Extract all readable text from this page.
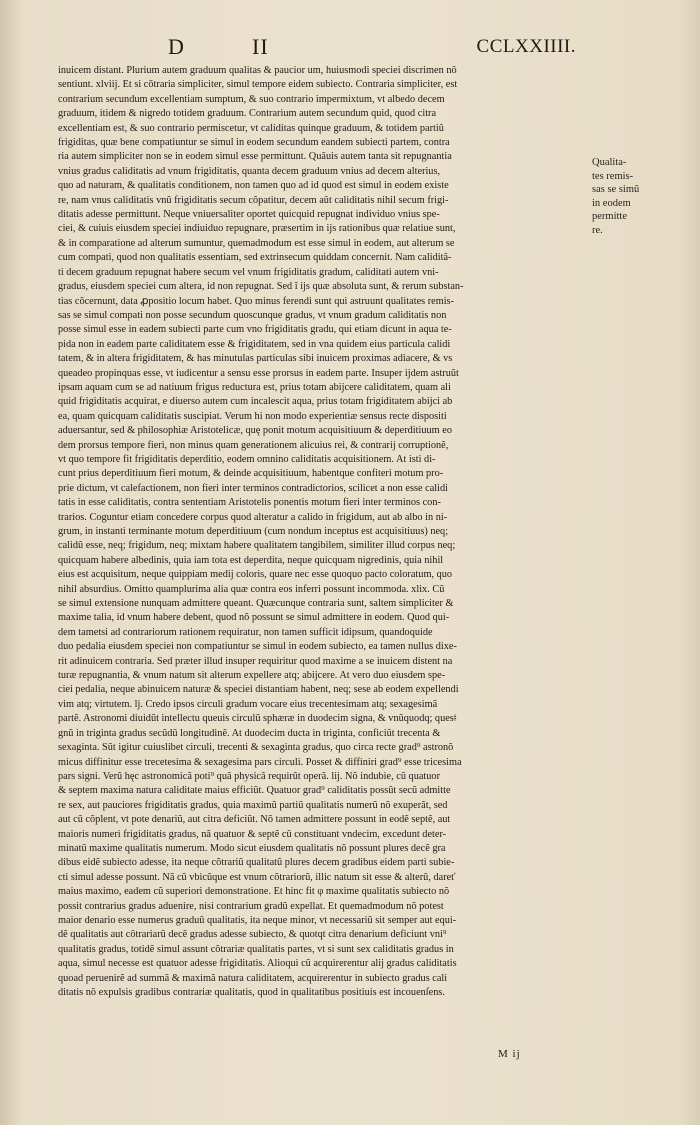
D	II	CCLXXIIII.
inuicem distant. Plurium autem graduum qualitas & paucior um, huiusmodi speciei discrimen nõ
sentiunt. xlviij. Et si cõtraria simpliciter, simul tempore eidem subiecto. Contraria simpliciter, est
contrarium secundum excellentiam sumptum, & suo contrario impermixtum, vt albedo decem
graduum, itidem & nigredo totidem graduum. Contrarium autem secundum quid, quod citra
excellentiam est, & suo contrario permiscetur, vt caliditas quinque graduum, & totidem partiũ
frigiditas, quæ bene compatiuntur se simul in eodem secundum eandem subiecti partem, contra
ria autem simpliciter non se in eodem simul esse permittunt. Quãuis autem tanta sit repugnantia
vnius gradus caliditatis ad vnum frigiditatis, quanta decem graduum vnius ad decem alterius,
quo ad naturam, & qualitatis conditionem, non tamen quo ad id quod est simul in eodem existe
re, nam vnus caliditatis vnũ frigiditatis secum cõpatitur, decem aũt caliditatis nihil secum frigi-
ditatis adesse permittunt. Neque vniuersaliter oportet quicquid repugnat individuo vnius spe-
ciei, & cuiuis eiusdem speciei indiuiduo repugnare, præsertim in ijs rationibus quæ relatiue sunt,
& in comparatione ad alterum sumuntur, quemadmodum est esse simul in eodem, aut alterum se
cum compati, quod non qualitatis essentiam, sed extrinsecum quiddam concernit. Nam caliditã-
ti decem graduum repugnat habere secum vel vnum frigiditatis gradum, caliditati autem vni-
gradus, eiusdem speciei cum altera, id non repugnat. Sed ĩ ijs quæ absoluta sunt, & rerum substan-
tias cõcernunt, data ꝓpositio locum habet. Quo minus ferendi sunt qui astruunt qualitates remis-
sas se simul compati non posse secundum quoscunque gradus, vt vnum gradum caliditatis non
posse simul esse in eadem subiecti parte cum vno frigiditatis gradu, qui etiam dicunt in aqua te-
pida non in eadem parte caliditatem esse & frigiditatem, sed in vna quidem eius particula calidi
tatem, & in altera frigiditatem, & has minutulas particulas sibi inuicem proximas adiacere, & vs
queadeo propinquas esse, vt iudicentur a sensu esse prorsus in eadem parte. Insuper ijdem astruũt
ipsam aquam cum se ad natiuum frigus reductura est, prius totam abijcere caliditatem, quam ali
quid frigiditatis acquirat, e diuerso autem cum incalescit aqua, prius totam frigiditatem abijci ab
ea, quam quicquam caliditatis suscipiat. Verum hi non modo experientiæ sensus recte dispositi
aduersantur, sed & philosophiæ Aristotelicæ, quę ponit motum acquisitiuum & deperditiuum eo
dem prorsus tempore fieri, non minus quam generationem alicuius rei, & contrarij corruptionẽ,
vt quo tempore fit frigiditatis deperditio, eodem omnino caliditatis acquisitionem. At isti di-
cunt prius deperditiuum fieri motum, & deinde acquisitiuum, habentque confiteri motum pro-
prie dictum, vt calefactionem, non fieri inter terminos contradictorios, scilicet a non esse calidi
tatis in esse caliditatis, contra sententiam Aristotelis ponentis motum fieri inter terminos con-
trarios. Coguntur etiam concedere corpus quod alteratur a calido in frigidum, aut ab albo in ni-
grum, in instanti terminante motum deperditiuum (cum nondum inceptus est acquisitiuus) neq;
calidũ esse, neq; frigidum, neq; mixtam habere qualitatem tangibilem, similiter illud corpus neq;
quicquam habere albedinis, quia iam tota est deperdita, neque quicquam nigredinis, quia nihil
eius est acquisitum, neque quippiam medij coloris, quare nec esse quoquo pacto coloratum, quo
nihil absurdius. Omitto quamplurima alia quæ contra eos inferri possunt incommoda. xlix. Cũ
se simul extensione nunquam admittere queant. Quæcunque contraria sunt, saltem simpliciter &
maxime talia, id vnum habere debent, quod nõ possunt se simul admittere in eodem. Quod qui-
dem tametsi ad contrariorum rationem requiratur, non tamen sufficit idipsum, quandoquide
duo pedalia eiusdem speciei non compatiuntur se simul in eodem subiecto, ea tamen nullus dixe-
rit adinuicem contraria. Sed præter illud insuper requiritur quod maxime a se inuicem distent na
turæ repugnantia, & vnum natum sit alterum expellere atq; abijcere. At vero duo eiusdem spe-
ciei pedalia, neque abinuicem naturæ & speciei distantiam habent, neq; sese ab eodem expellendi
vim atq; virtutem. lj. Credo ipsos circuli gradum vocare eius trecentesimam atq; sexagesimã
partẽ. Astronomi diuidũt intellectu queuis circulũ sphæræ in duodecim signa, & vnũquodq; quesǂ
gnũ in triginta gradus secũdũ longitudinẽ. At duodecim ducta in triginta, conficiũt trecenta &
sexaginta. Sũt igitur cuiuslibet circuli, trecenti & sexaginta gradus, quo circa recte grad⁹ astronõ
micus diffinitur esse trecetesima & sexagesima pars circuli. Posset & diffiniri grad⁹ esse tricesima
pars signi. Verũ hęc astronomicã poti⁹ quã physicã requirũt operã. lij. Nõ indubie, cũ quatuor
& septem maxima natura caliditate maius efficiũt. Quatuor grad⁹ caliditatis possũt secũ admitte
re sex, aut pauciores frigiditatis gradus, quia maximũ partiũ qualitatis numerũ nõ exuperãt, sed
aut cũ cõplent, vt pote denariũ, aut citra deficiũt. Nõ tamen admittere possunt in eodẽ septẽ, aut
maioris numeri frigiditatis gradus, nã quatuor & septẽ cũ constituant vndecim, excedunt deter-
minatũ maxime qualitatis numerum. Modo sicut eiusdem qualitatis nõ possunt plures decẽ gra
dibus eidẽ subiecto adesse, ita neque cõtrariũ qualitatũ plures decem gradibus eidem parti subie-
cti simul adesse possunt. Nã cũ vbicũque est vnum cõtrariorũ, illic natum sit esse & alterũ, dareť
maius maximo, eadem cũ superiori demonstratione. Et hinc fit φ maxime qualitatis subiecto nõ
possit contrarius gradus aduenire, nisi contrarium gradũ expellat. Et quemadmodum nõ potest
maior denario esse numerus graduũ qualitatis, ita neque minor, vt necessariũ sit semper aut equi-
dẽ qualitatis aut cõtrariarũ decẽ gradus adesse subiecto, & quotqt citra denarium deficiunt vni⁹
qualitatis gradus, totidẽ simul assunt cõtrariæ qualitatis partes, vt si sunt sex caliditatis gradus in
aqua, simul necesse est quatuor adesse frigiditatis. Alioqui cũ acquirerentur alij gradus caliditatis
quoad peruenirẽ ad summã & maximã natura caliditatem, acquirerentur in subiecto gradus cali
ditatis nõ expulsis gradibus contrariæ qualitatis, quod in qualitatibus positiuis est incouenſens.
Qualita-
tes remis-
sas se simũ
in eodem
permitte
re.
M ij
